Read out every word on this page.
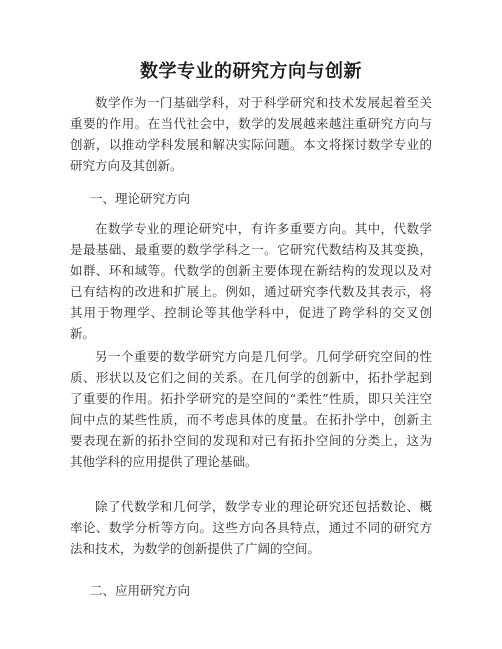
数学专业的研究方向与创新

数学作为一门基础学科，对于科学研究和技术发展起着至关重要的作用。在当代社会中，数学的发展越来越注重研究方向与创新，以推动学科发展和解决实际问题。本文将探讨数学专业的研究方向及其创新。

一、理论研究方向

在数学专业的理论研究中，有许多重要方向。其中，代数学是最基础、最重要的数学学科之一。它研究代数结构及其变换，如群、环和域等。代数学的创新主要体现在新结构的发现以及对已有结构的改进和扩展上。例如，通过研究李代数及其表示，将其用于物理学、控制论等其他学科中，促进了跨学科的交叉创新。

另一个重要的数学研究方向是几何学。几何学研究空间的性质、形状以及它们之间的关系。在几何学的创新中，拓扑学起到了重要的作用。拓扑学研究的是空间的“柔性”性质，即只关注空间中点的某些性质，而不考虑具体的度量。在拓扑学中，创新主要表现在新的拓扑空间的发现和对已有拓扑空间的分类上，这为其他学科的应用提供了理论基础。

除了代数学和几何学，数学专业的理论研究还包括数论、概率论、数学分析等方向。这些方向各具特点，通过不同的研究方法和技术，为数学的创新提供了广阔的空间。

二、应用研究方向
